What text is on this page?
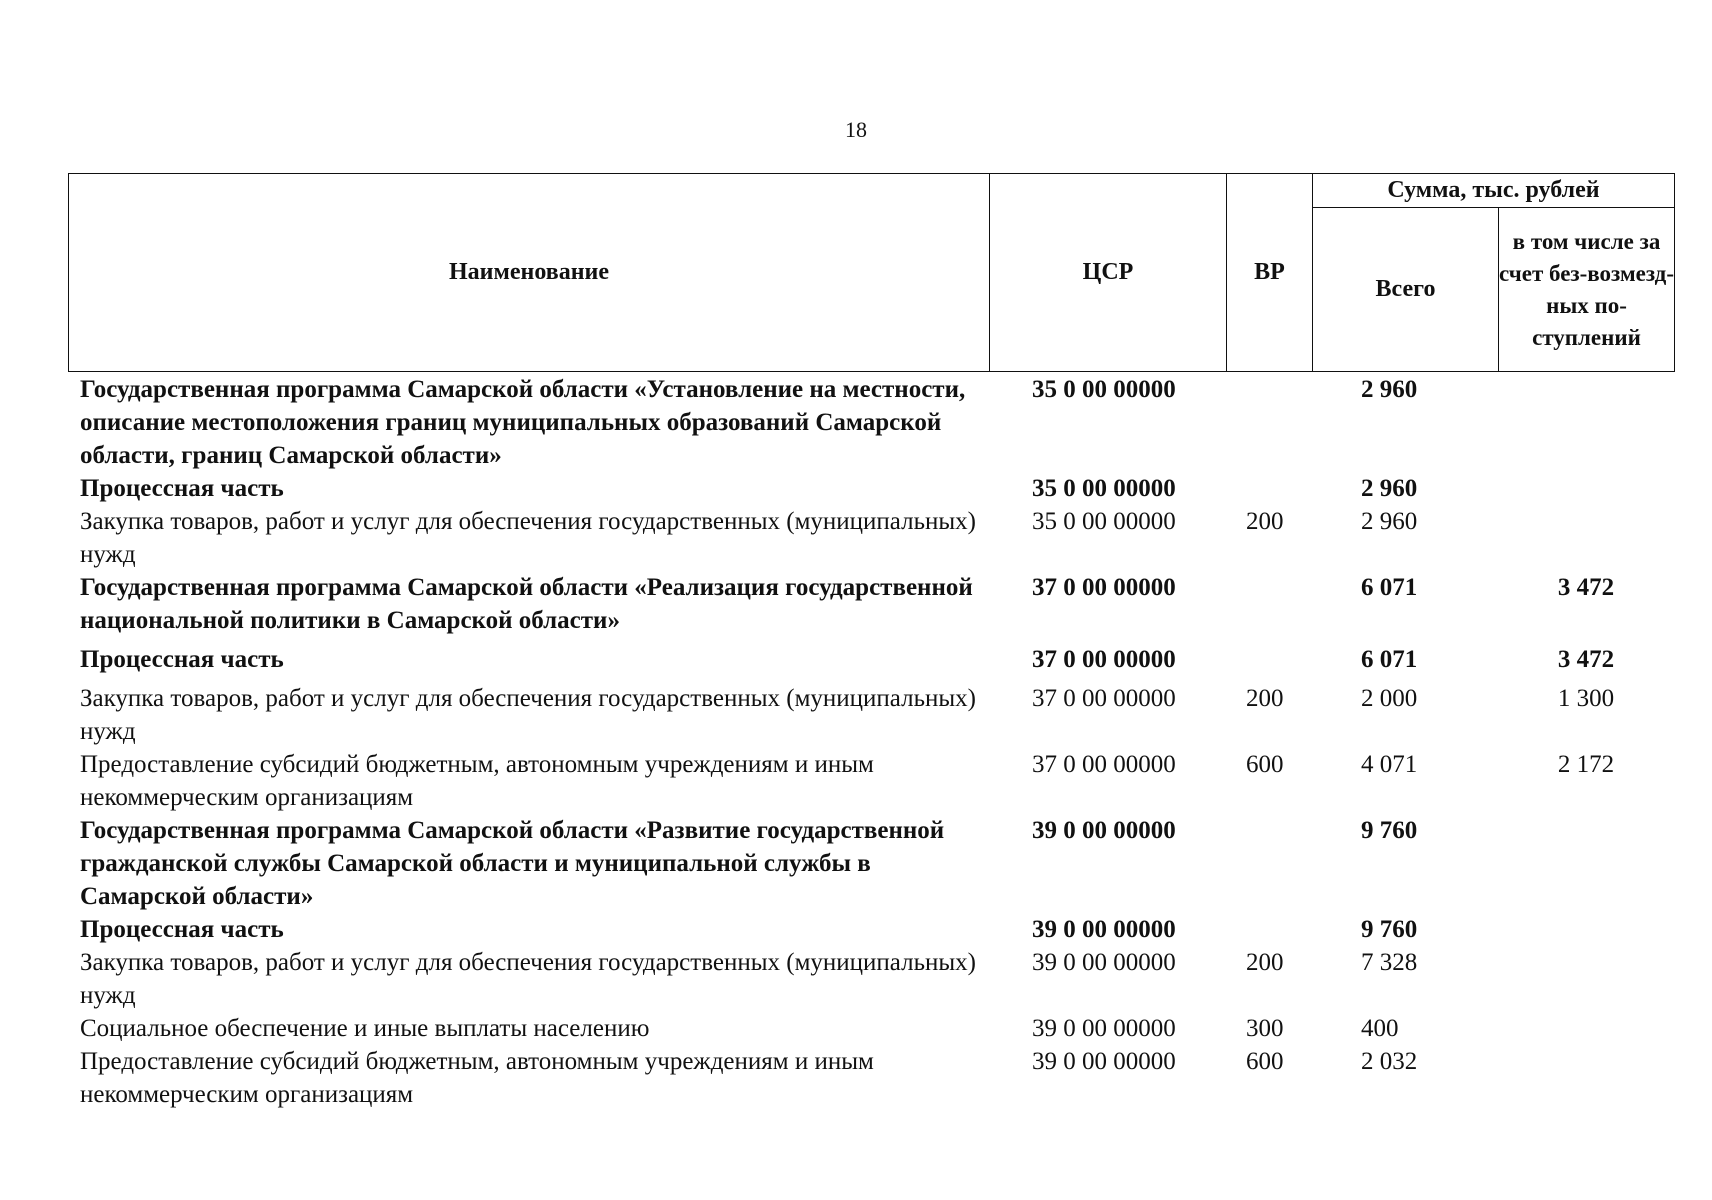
18
Наименование	ЦСР	ВР	Сумма, тыс. рублей	
			Всего	в том числе за счет без-возмезд-ных по-ступлений
Государственная программа Самарской области «Установление на местности, описание местоположения границ муниципальных образований Самарской области, границ Самарской области»	35 0 00 00000		2 960	
Процессная часть	35 0 00 00000		2 960	
Закупка товаров, работ и услуг для обеспечения государственных (муниципальных) нужд	35 0 00 00000	200	2 960	
Государственная программа Самарской области «Реализация государственной национальной политики в Самарской области»	37 0 00 00000		6 071	3 472
Процессная часть	37 0 00 00000		6 071	3 472
Закупка товаров, работ и услуг для обеспечения государственных (муниципальных) нужд	37 0 00 00000	200	2 000	1 300
Предоставление субсидий бюджетным, автономным учреждениям и иным некоммерческим организациям	37 0 00 00000	600	4 071	2 172
Государственная программа Самарской области «Развитие государственной гражданской службы Самарской области и муниципальной службы в Самарской области»	39 0 00 00000		9 760	
Процессная часть	39 0 00 00000		9 760	
Закупка товаров, работ и услуг для обеспечения государственных (муниципальных) нужд	39 0 00 00000	200	7 328	
Социальное обеспечение и иные выплаты населению	39 0 00 00000	300	400	
Предоставление субсидий бюджетным, автономным учреждениям и иным некоммерческим организациям	39 0 00 00000	600	2 032	
